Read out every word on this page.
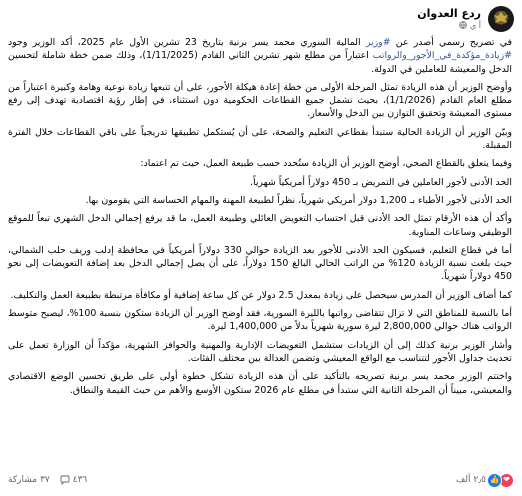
ردع العدوان
أ ي

في تصريح رسمي أصدر عن #وزير المالية السوري محمد يسر برنية بتاريخ 23 تشرين الأول عام 2025، أكد الوزير وجود #زيادة_مؤكدة_في_الأجور_والرواتب اعتباراً من مطلع شهر تشرين الثاني القادم (1/11/2025)، وذلك ضمن خطة شاملة لتحسين الدخل والمعيشة للعاملين في الدولة.

وأوضح الوزير أن هذه الزيادة تمثل المرحلة الأولى من خطة إعادة هيكلة الأجور، على أن تتبعها زيادة نوعية وهامة وكبيرة اعتباراً من مطلع العام القادم (1/1/2026)، بحيث تشمل جميع القطاعات الحكومية دون استثناء، في إطار رؤية اقتصادية تهدف إلى رفع مستوى المعيشة وتحقيق التوازن بين الدخل والأسعار.

وبيّن الوزير أن الزيادة الحالية ستبدأ بقطاعي التعليم والصحة، على أن يُستكمل تطبيقها تدريجياً على باقي القطاعات خلال الفترة المقبلة.

وفيما يتعلق بالقطاع الصحي، أوضح الوزير أن الزيادة ستُحدد حسب طبيعة العمل، حيث تم اعتماد:

الحد الأدنى لأجور العاملين في التمريض بـ 450 دولاراً أمريكياً شهرياً.

الحد الأدنى لأجور الأطباء بـ 1,200 دولار أمريكي شهرياً، نظراً لطبيعة المهنة والمهام الحساسة التي يقومون بها.

وأكد أن هذه الأرقام تمثل الحد الأدنى قبل احتساب التعويض العائلي وطبيعة العمل، ما قد يرفع إجمالي الدخل الشهري تبعاً للموقع الوظيفي وساعات المناوبة.

أما في قطاع التعليم، فسيكون الحد الأدنى للأجور بعد الزيادة حوالي 330 دولاراً أمريكياً في محافظة إدلب وريف حلب الشمالي، حيث بلغت نسبة الزيادة 120% من الراتب الحالي البالغ 150 دولاراً، على أن يصل إجمالي الدخل بعد إضافة التعويضات إلى نحو 450 دولاراً شهرياً.

كما أضاف الوزير أن المدرس سيحصل على زيادة بمعدل 2.5 دولار عن كل ساعة إضافية أو مكافأة مرتبطة بطبيعة العمل والتكليف.

أما بالنسبة للمناطق التي لا تزال تتقاضى رواتبها بالليرة السورية، فقد أوضح الوزير أن الزيادة ستكون بنسبة 100%، ليصبح متوسط الرواتب هناك حوالي 2,800,000 ليرة سورية شهرياً بدلاً من 1,400,000 ليرة.

وأشار الوزير برنية كذلك إلى أن الزيادات ستشمل التعويضات الإدارية والمهنية والحوافز الشهرية، مؤكداً أن الوزارة تعمل على تحديث جداول الأجور لتتناسب مع الواقع المعيشي وتضمن العدالة بين مختلف الفئات.

واختتم الوزير محمد يسر برنية تصريحه بالتأكيد على أن هذه الزيادة تشكل خطوة أولى على طريق تحسين الوضع الاقتصادي والمعيشي، مبيناً أن المرحلة الثانية التي ستبدأ في مطلع عام 2026 ستكون الأوسع والأهم من حيث القيمة والنطاق.

👍 ❤
٢٫٥ ألف
٤٣٦
٣٧
مشاركة
